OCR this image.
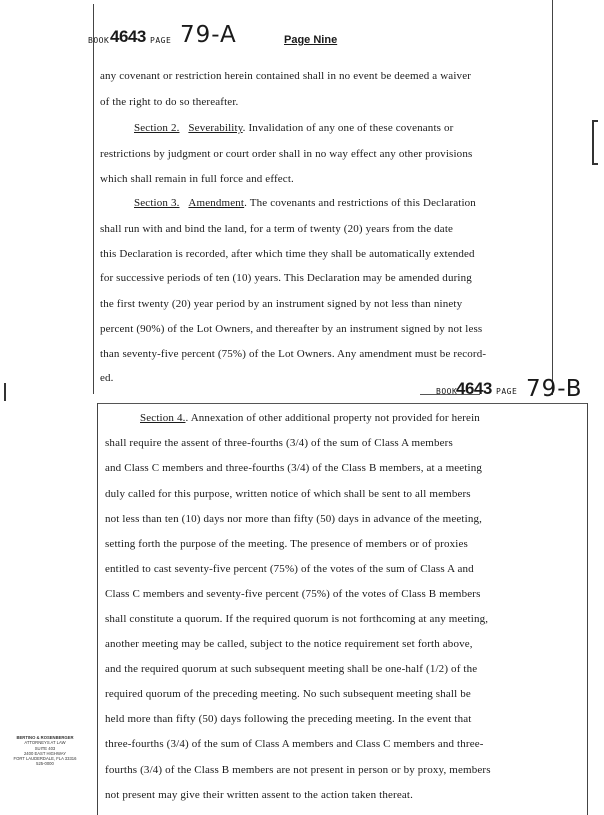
BOOK 4643 PAGE 79-A	Page Nine
any covenant or restriction herein contained shall in no event be deemed a waiver
of the right to do so thereafter.
Section 2. Severability. Invalidation of any one of these covenants or
restrictions by judgment or court order shall in no way effect any other provisions
which shall remain in full force and effect.
Section 3. Amendment. The covenants and restrictions of this Declaration
shall run with and bind the land, for a term of twenty (20) years from the date
this Declaration is recorded, after which time they shall be automatically extended
for successive periods of ten (10) years. This Declaration may be amended during
the first twenty (20) year period by an instrument signed by not less than ninety
percent (90%) of the Lot Owners, and thereafter by an instrument signed by not less
than seventy-five percent (75%) of the Lot Owners. Any amendment must be record-
ed.
BOOK
4643 PAGE 79-B
Section 4.. Annexation of other additional property not provided for herein
shall require the assent of three-fourths (3/4) of the sum of Class A members
and Class C members and three-fourths (3/4) of the Class B members, at a meeting
duly called for this purpose, written notice of which shall be sent to all members
not less than ten (10) days nor more than fifty (50) days in advance of the meeting,
setting forth the purpose of the meeting. The presence of members or of proxies
entitled to cast seventy-five percent (75%) of the votes of the sum of Class A and
Class C members and seventy-five percent (75%) of the votes of Class B members
shall constitute a quorum. If the required quorum is not forthcoming at any meeting,
another meeting may be called, subject to the notice requirement set forth above,
and the required quorum at such subsequent meeting shall be one-half (1/2) of the
required quorum of the preceding meeting. No such subsequent meeting shall be
held more than fifty (50) days following the preceding meeting. In the event that
three-fourths (3/4) of the sum of Class A members and Class C members and three-
fourths (3/4) of the Class B members are not present in person or by proxy, members
not present may give their written assent to the action taken thereat.
BERTINO & ROSENBERGER
ATTORNEYS AT LAW
SUITE 403
2400 EAST HIGHWAY
FORT LAUDERDALE, FLA 33316
525-0000
